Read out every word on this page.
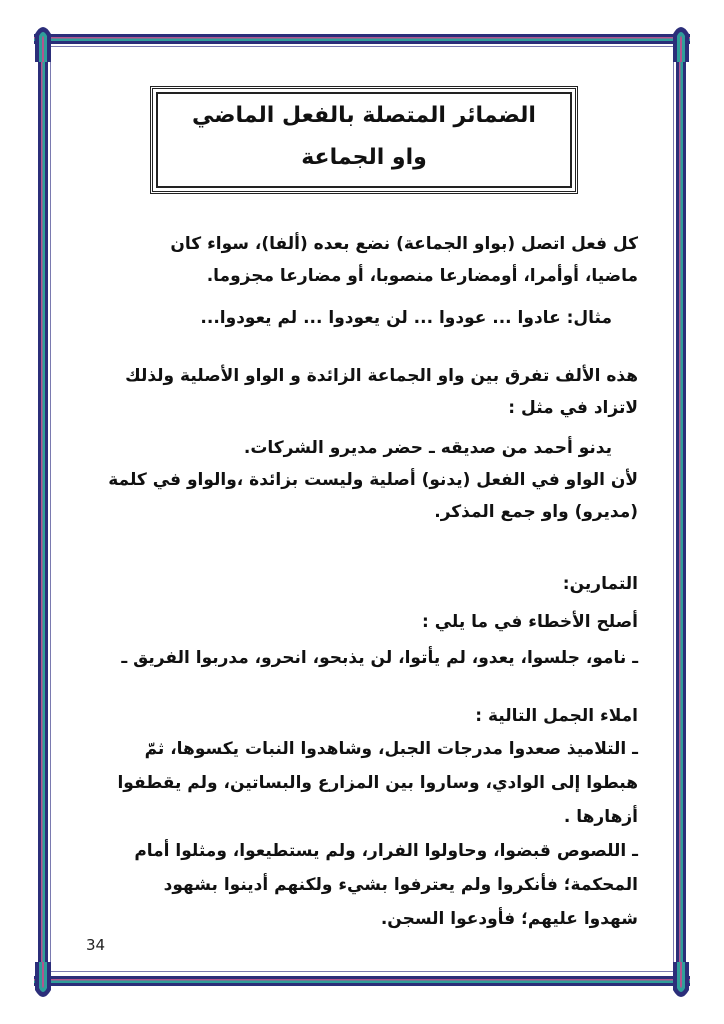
الضمائر المتصلة بالفعل الماضي
واو الجماعة
كل فعل اتصل (بواو الجماعة) نضع بعده (ألفا)، سواء كان
ماضيا، أوأمرا، أومضارعا منصوبا، أو مضارعا مجزوما.
مثال: عادوا ... عودوا ... لن يعودوا ... لم يعودوا...
هذه الألف تفرق بين واو الجماعة الزائدة و الواو الأصلية ولذلك
لاتزاد في مثل :
يدنو أحمد من صديقه ـ حضر مديرو الشركات.
لأن الواو في الفعل (يدنو) أصلية وليست بزائدة ،والواو في كلمة
(مديرو) واو جمع المذكر.
التمارين:
أصلح الأخطاء في ما يلي :
ـ نامو، جلسوا، يعدو، لم يأتوا، لن يذبحو، انحرو، مدربوا الفريق ـ
املاء الجمل التالية :
ـ التلاميذ صعدوا مدرجات الجبل، وشاهدوا النبات يكسوها، ثمّ
هبطوا إلى الوادي، وساروا بين المزارع والبساتين، ولم يقطفوا أزهارها .
ـ اللصوص قبضوا، وحاولوا الفرار، ولم يستطيعوا، ومثلوا أمام
المحكمة؛ فأنكروا ولم يعترفوا بشيء ولكنهم أدينوا بشهود
شهدوا عليهم؛ فأودعوا السجن.
34
